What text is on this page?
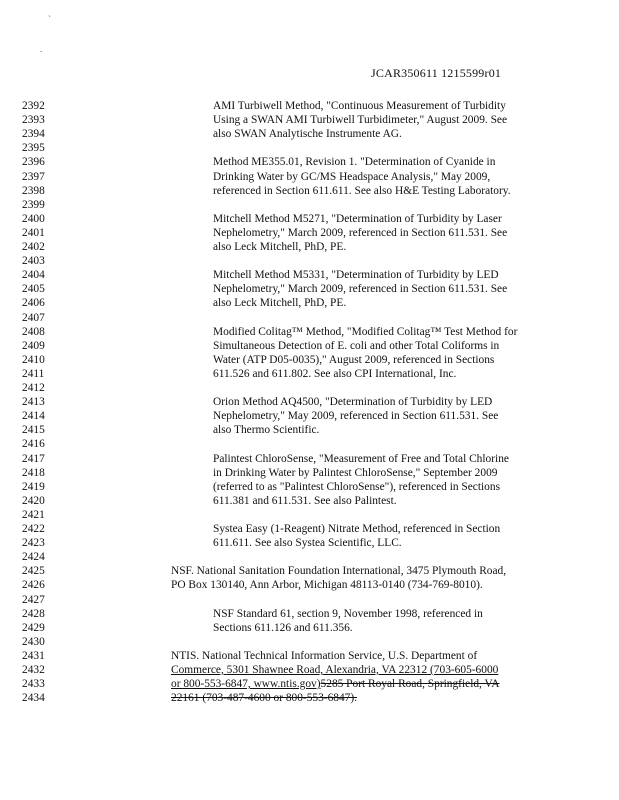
`
.
JCAR350611 1215599r01
2392	AMI Turbiwell Method, "Continuous Measurement of Turbidity
2393	Using a SWAN AMI Turbiwell Turbidimeter," August 2009. See
2394	also SWAN Analytische Instrumente AG.
2395
2396	Method ME355.01, Revision 1. "Determination of Cyanide in
2397	Drinking Water by GC/MS Headspace Analysis," May 2009,
2398	referenced in Section 611.611. See also H&E Testing Laboratory.
2399
2400	Mitchell Method M5271, "Determination of Turbidity by Laser
2401	Nephelometry," March 2009, referenced in Section 611.531. See
2402	also Leck Mitchell, PhD, PE.
2403
2404	Mitchell Method M5331, "Determination of Turbidity by LED
2405	Nephelometry," March 2009, referenced in Section 611.531. See
2406	also Leck Mitchell, PhD, PE.
2407
2408	Modified Colitag™ Method, "Modified Colitag™ Test Method for
2409	Simultaneous Detection of E. coli and other Total Coliforms in
2410	Water (ATP D05-0035)," August 2009, referenced in Sections
2411	611.526 and 611.802. See also CPI International, Inc.
2412
2413	Orion Method AQ4500, "Determination of Turbidity by LED
2414	Nephelometry," May 2009, referenced in Section 611.531. See
2415	also Thermo Scientific.
2416
2417	Palintest ChloroSense, "Measurement of Free and Total Chlorine
2418	in Drinking Water by Palintest ChloroSense," September 2009
2419	(referred to as "Palintest ChloroSense"), referenced in Sections
2420	611.381 and 611.531. See also Palintest.
2421
2422	Systea Easy (1-Reagent) Nitrate Method, referenced in Section
2423	611.611. See also Systea Scientific, LLC.
2424
2425	NSF. National Sanitation Foundation International, 3475 Plymouth Road,
2426	PO Box 130140, Ann Arbor, Michigan 48113-0140 (734-769-8010).
2427
2428	NSF Standard 61, section 9, November 1998, referenced in
2429	Sections 611.126 and 611.356.
2430
2431	NTIS. National Technical Information Service, U.S. Department of
2432	Commerce, 5301 Shawnee Road, Alexandria, VA 22312 (703-605-6000
2433	or 800-553-6847, www.ntis.gov)5285 Port Royal Road, Springfield, VA
2434	22161 (703-487-4600 or 800-553-6847).
